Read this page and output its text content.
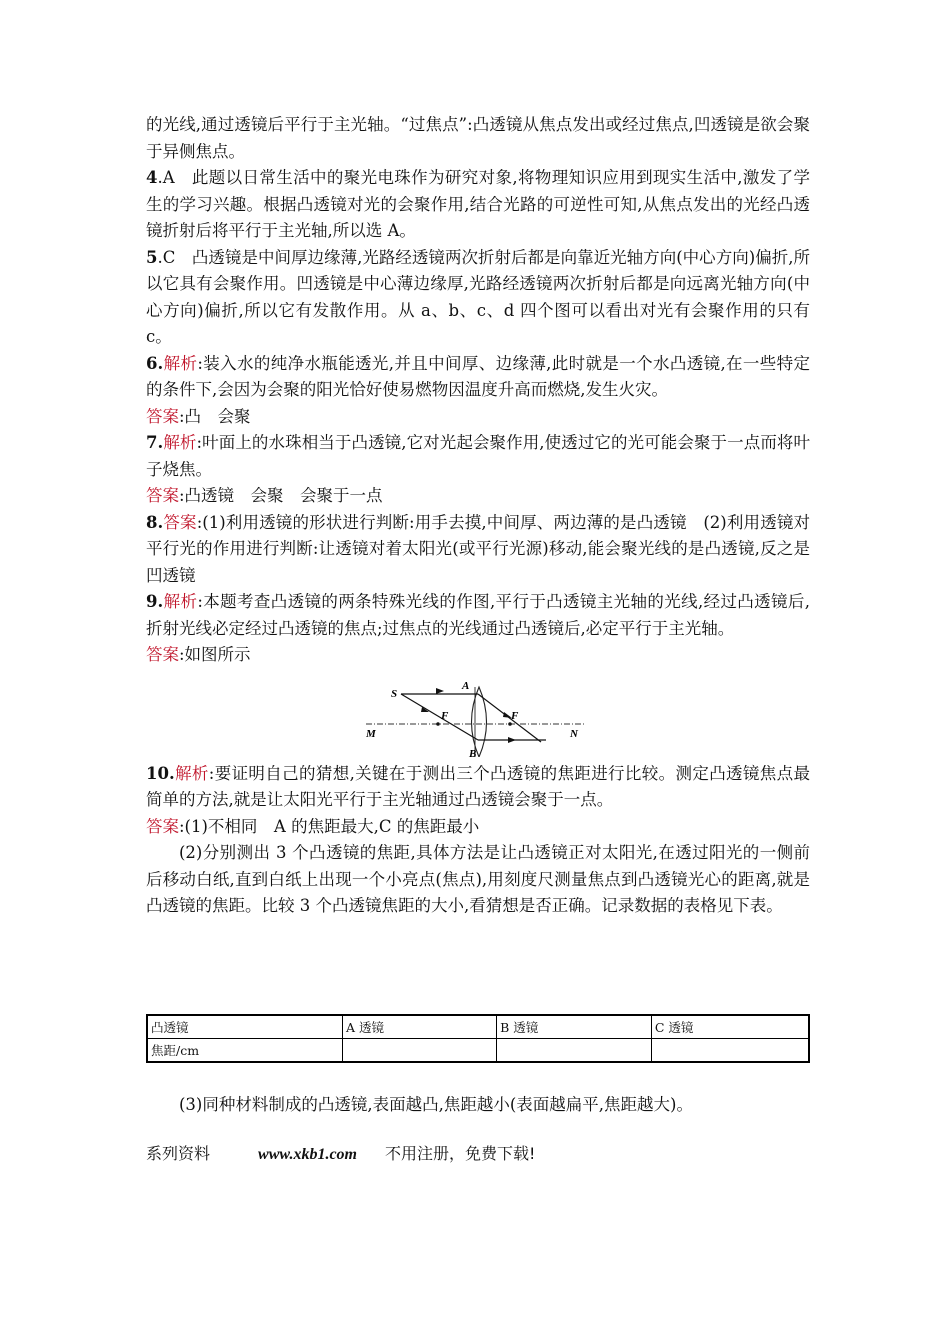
的光线,通过透镜后平行于主光轴。“过焦点”:凸透镜从焦点发出或经过焦点,凹透镜是欲会聚于异侧焦点。

4.A　此题以日常生活中的聚光电珠作为研究对象,将物理知识应用到现实生活中,激发了学生的学习兴趣。根据凸透镜对光的会聚作用,结合光路的可逆性可知,从焦点发出的光经凸透镜折射后将平行于主光轴,所以选 A。

5.C　凸透镜是中间厚边缘薄,光路经透镜两次折射后都是向靠近光轴方向(中心方向)偏折,所以它具有会聚作用。凹透镜是中心薄边缘厚,光路经透镜两次折射后都是向远离光轴方向(中心方向)偏折,所以它有发散作用。从 a、b、c、d 四个图可以看出对光有会聚作用的只有 c。

6.解析:装入水的纯净水瓶能透光,并且中间厚、边缘薄,此时就是一个水凸透镜,在一些特定的条件下,会因为会聚的阳光恰好使易燃物因温度升高而燃烧,发生火灾。

答案:凸　会聚

7.解析:叶面上的水珠相当于凸透镜,它对光起会聚作用,使透过它的光可能会聚于一点而将叶子烧焦。

答案:凸透镜　会聚　会聚于一点

8.答案:(1)利用透镜的形状进行判断:用手去摸,中间厚、两边薄的是凸透镜　(2)利用透镜对平行光的作用进行判断:让透镜对着太阳光(或平行光源)移动,能会聚光线的是凸透镜,反之是凹透镜

9.解析:本题考查凸透镜的两条特殊光线的作图,平行于凸透镜主光轴的光线,经过凸透镜后,折射光线必定经过凸透镜的焦点;过焦点的光线通过凸透镜后,必定平行于主光轴。

答案:如图所示

S
A
F	F
M	N
B

10.解析:要证明自己的猜想,关键在于测出三个凸透镜的焦距进行比较。测定凸透镜焦点最简单的方法,就是让太阳光平行于主光轴通过凸透镜会聚于一点。

答案:(1)不相同　A 的焦距最大,C 的焦距最小

(2)分别测出 3 个凸透镜的焦距,具体方法是让凸透镜正对太阳光,在透过阳光的一侧前后移动白纸,直到白纸上出现一个小亮点(焦点),用刻度尺测量焦点到凸透镜光心的距离,就是凸透镜的焦距。比较 3 个凸透镜焦距的大小,看猜想是否正确。记录数据的表格见下表。

凸透镜	A 透镜	B 透镜	C 透镜
焦距/cm			

(3)同种材料制成的凸透镜,表面越凸,焦距越小(表面越扁平,焦距越大)。

系列资料	www.xkb1.com 不用注册，免费下载!
